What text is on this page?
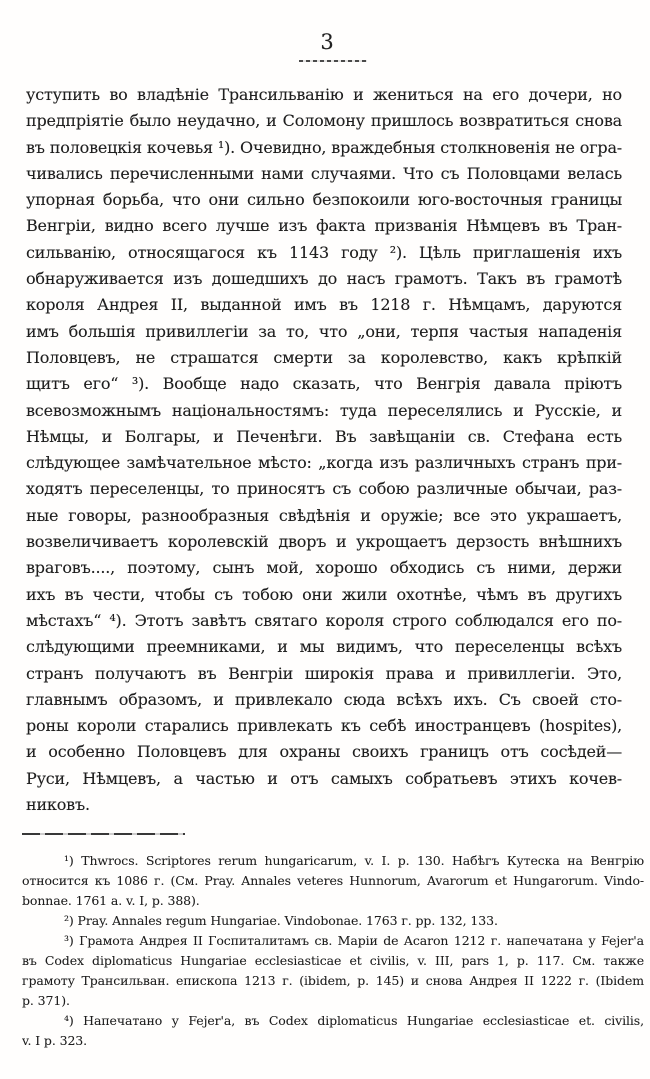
3
уступить во владѣніе Трансильванію и жениться на его дочери, но
предпріятіе было неудачно, и Соломону пришлось возвратиться снова
въ половецкія кочевья ¹). Очевидно, враждебныя столкновенія не огра-
чивались перечисленными нами случаями. Что съ Половцами велась
упорная борьба, что они сильно безпокоили юго-восточныя границы
Венгріи, видно всего лучше изъ факта призванія Нѣмцевъ въ Тран-
сильванію, относящагося къ 1143 году ²). Цѣль приглашенія ихъ
обнаруживается изъ дошедшихъ до насъ грамотъ. Такъ въ грамотѣ
короля Андрея II, выданной имъ въ 1218 г. Нѣмцамъ, даруются
имъ большія привиллегіи за то, что „они, терпя частыя нападенія
Половцевъ, не страшатся смерти за королевство, какъ крѣпкій
щитъ его“ ³). Вообще надо сказать, что Венгрія давала пріютъ
всевозможнымъ національностямъ: туда переселялись и Русскіе, и
Нѣмцы, и Болгары, и Печенѣги. Въ завѣщаніи св. Стефана есть
слѣдующее замѣчательное мѣсто: „когда изъ различныхъ странъ при-
ходятъ переселенцы, то приносятъ съ собою различные обычаи, раз-
ные говоры, разнообразныя свѣдѣнія и оружіе; все это украшаетъ,
возвеличиваетъ королевскій дворъ и укрощаетъ дерзость внѣшнихъ
враговъ...., поэтому, сынъ мой, хорошо обходись съ ними, держи
ихъ въ чести, чтобы съ тобою они жили охотнѣе, чѣмъ въ другихъ
мѣстахъ“ ⁴). Этотъ завѣтъ святаго короля строго соблюдался его по-
слѣдующими преемниками, и мы видимъ, что переселенцы всѣхъ
странъ получаютъ въ Венгріи широкія права и привиллегіи. Это,
главнымъ образомъ, и привлекало сюда всѣхъ ихъ. Съ своей сто-
роны короли старались привлекать къ себѣ иностранцевъ (hospites),
и особенно Половцевъ для охраны своихъ границъ отъ сосѣдей—
Руси, Нѣмцевъ, а частью и отъ самыхъ собратьевъ этихъ кочев-
никовъ.
¹) Thwrocs. Scriptores rerum hungaricarum, v. I. p. 130. Набѣгъ Кутеска на Венгрію
относится къ 1086 г. (См. Pray. Annales veteres Hunnorum, Avarorum et Hungarorum. Vindo-
bonnae. 1761 a. v. I, p. 388).
²) Pray. Annales regum Hungariae. Vindobonae. 1763 г. pp. 132, 133.
³) Грамота Андрея II Госпиталитамъ св. Маріи de Acaron 1212 г. напечатана у Fejer'a
въ Codex diplomaticus Hungariae ecclesiasticae et civilis, v. III, pars 1, p. 117. См. также
грамоту Трансильван. епископа 1213 г. (ibidem, p. 145) и снова Андрея II 1222 г. (Ibidem
p. 371).
⁴) Напечатано у Fejer'a, въ Codex diplomaticus Hungariae ecclesiasticae et. civilis,
v. I p. 323.
